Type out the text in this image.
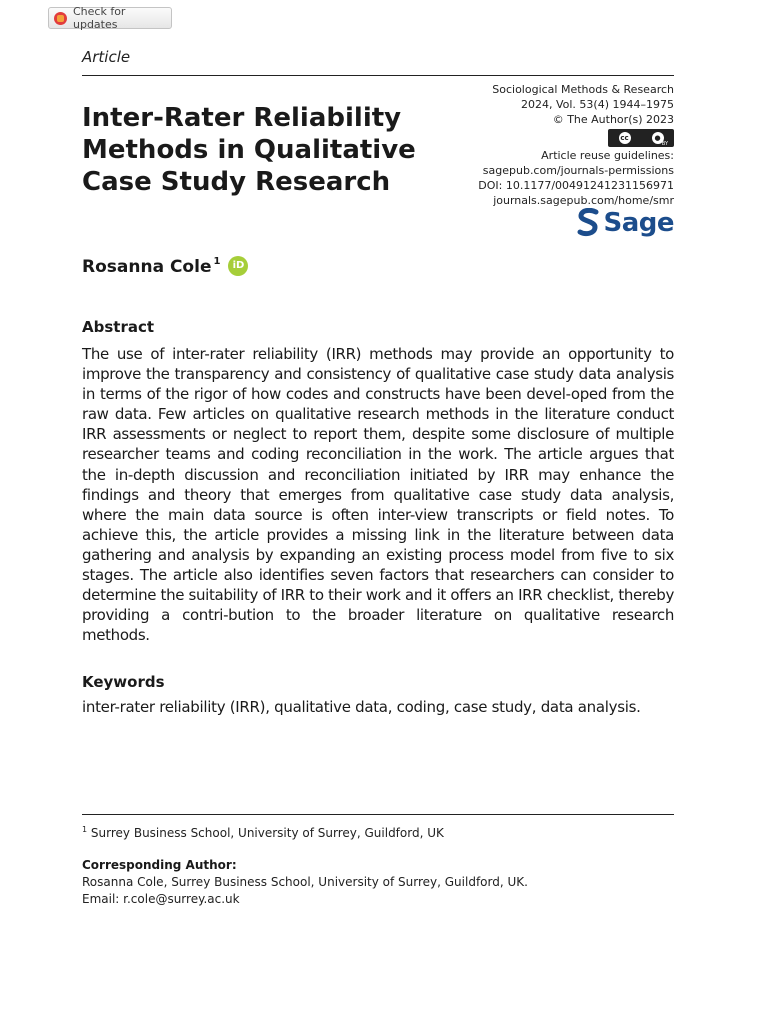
Check for updates
Article
Inter-Rater Reliability Methods in Qualitative Case Study Research
Sociological Methods & Research
2024, Vol. 53(4) 1944–1975
© The Author(s) 2023
cc	●
BY
Article reuse guidelines:
sagepub.com/journals-permissions
DOI: 10.1177/00491241231156971
journals.sagepub.com/home/smr
Sage
Rosanna Cole 1	iD
Abstract

The use of inter-rater reliability (IRR) methods may provide an opportunity to improve the transparency and consistency of qualitative case study data analysis in terms of the rigor of how codes and constructs have been devel-oped from the raw data. Few articles on qualitative research methods in the literature conduct IRR assessments or neglect to report them, despite some disclosure of multiple researcher teams and coding reconciliation in the work. The article argues that the in-depth discussion and reconciliation initiated by IRR may enhance the findings and theory that emerges from qualitative case study data analysis, where the main data source is often inter-view transcripts or field notes. To achieve this, the article provides a missing link in the literature between data gathering and analysis by expanding an existing process model from five to six stages. The article also identifies seven factors that researchers can consider to determine the suitability of IRR to their work and it offers an IRR checklist, thereby providing a contri-bution to the broader literature on qualitative research methods.

Keywords
inter-rater reliability (IRR), qualitative data, coding, case study, data analysis.
$^1$ Surrey Business School, University of Surrey, Guildford, UK
Corresponding Author:
Rosanna Cole, Surrey Business School, University of Surrey, Guildford, UK.
Email: r.cole@surrey.ac.uk
